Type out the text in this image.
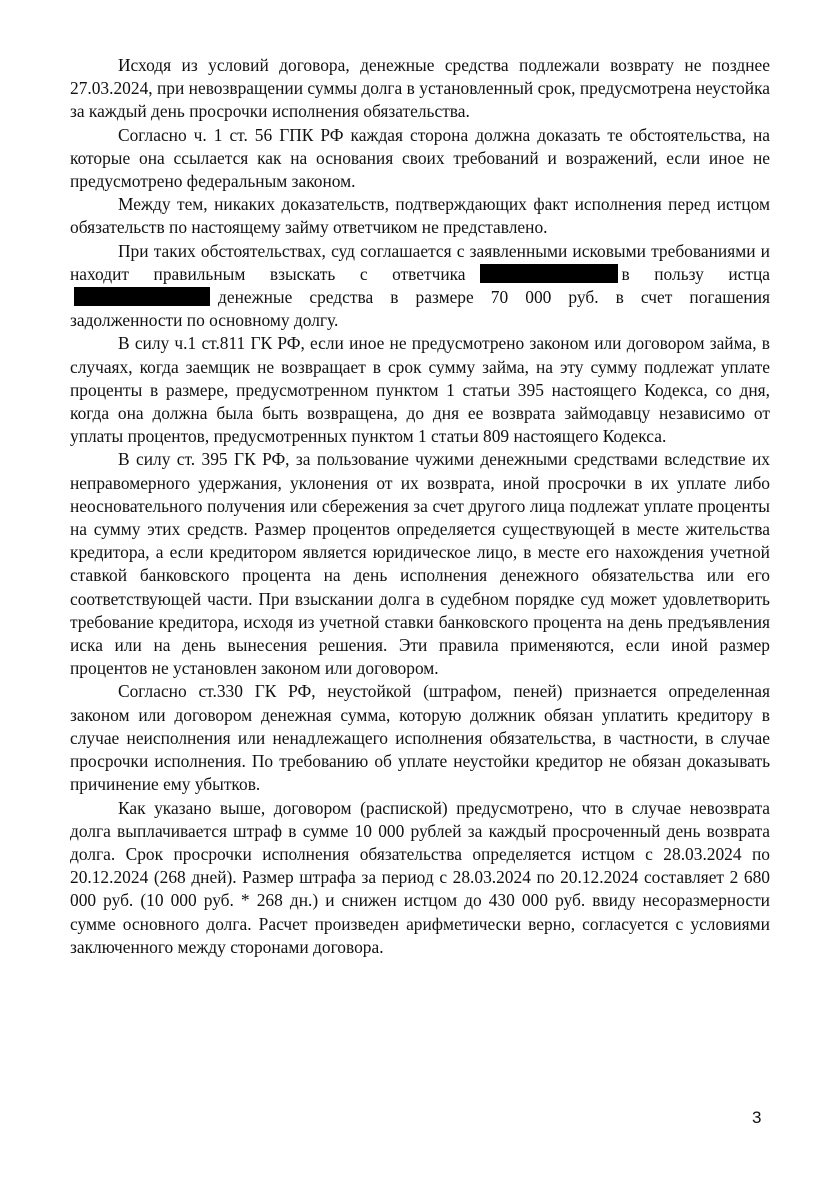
Исходя из условий договора, денежные средства подлежали возврату не позднее 27.03.2024, при невозвращении суммы долга в установленный срок, предусмотрена неустойка за каждый день просрочки исполнения обязательства.

Согласно ч. 1 ст. 56 ГПК РФ каждая сторона должна доказать те обстоятельства, на которые она ссылается как на основания своих требований и возражений, если иное не предусмотрено федеральным законом.

Между тем, никаких доказательств, подтверждающих факт исполнения перед истцом обязательств по настоящему займу ответчиком не представлено.

При таких обстоятельствах, суд соглашается с заявленными исковыми требованиями и находит правильным взыскать с ответчика	в пользу истцаденежные средства в размере 70 000 руб. в счет погашения задолженности по основному долгу.

В силу ч.1 ст.811 ГК РФ, если иное не предусмотрено законом или договором займа, в случаях, когда заемщик не возвращает в срок сумму займа, на эту сумму подлежат уплате проценты в размере, предусмотренном пунктом 1 статьи 395 настоящего Кодекса, со дня, когда она должна была быть возвращена, до дня ее возврата займодавцу независимо от уплаты процентов, предусмотренных пунктом 1 статьи 809 настоящего Кодекса.

В силу ст. 395 ГК РФ, за пользование чужими денежными средствами вследствие их неправомерного удержания, уклонения от их возврата, иной просрочки в их уплате либо неосновательного получения или сбережения за счет другого лица подлежат уплате проценты на сумму этих средств. Размер процентов определяется существующей в месте жительства кредитора, а если кредитором является юридическое лицо, в месте его нахождения учетной ставкой банковского процента на день исполнения денежного обязательства или его соответствующей части. При взыскании долга в судебном порядке суд может удовлетворить требование кредитора, исходя из учетной ставки банковского процента на день предъявления иска или на день вынесения решения. Эти правила применяются, если иной размер процентов не установлен законом или договором.

Согласно ст.330 ГК РФ, неустойкой (штрафом, пеней) признается определенная законом или договором денежная сумма, которую должник обязан уплатить кредитору в случае неисполнения или ненадлежащего исполнения обязательства, в частности, в случае просрочки исполнения. По требованию об уплате неустойки кредитор не обязан доказывать причинение ему убытков.

Как указано выше, договором (распиской) предусмотрено, что в случае невозврата долга выплачивается штраф в сумме 10 000 рублей за каждый просроченный день возврата долга. Срок просрочки исполнения обязательства определяется истцом с 28.03.2024 по 20.12.2024 (268 дней). Размер штрафа за период с 28.03.2024 по 20.12.2024 составляет 2 680 000 руб. (10 000 руб. * 268 дн.) и снижен истцом до 430 000 руб. ввиду несоразмерности сумме основного долга. Расчет произведен арифметически верно, согласуется с условиями заключенного между сторонами договора.

3
